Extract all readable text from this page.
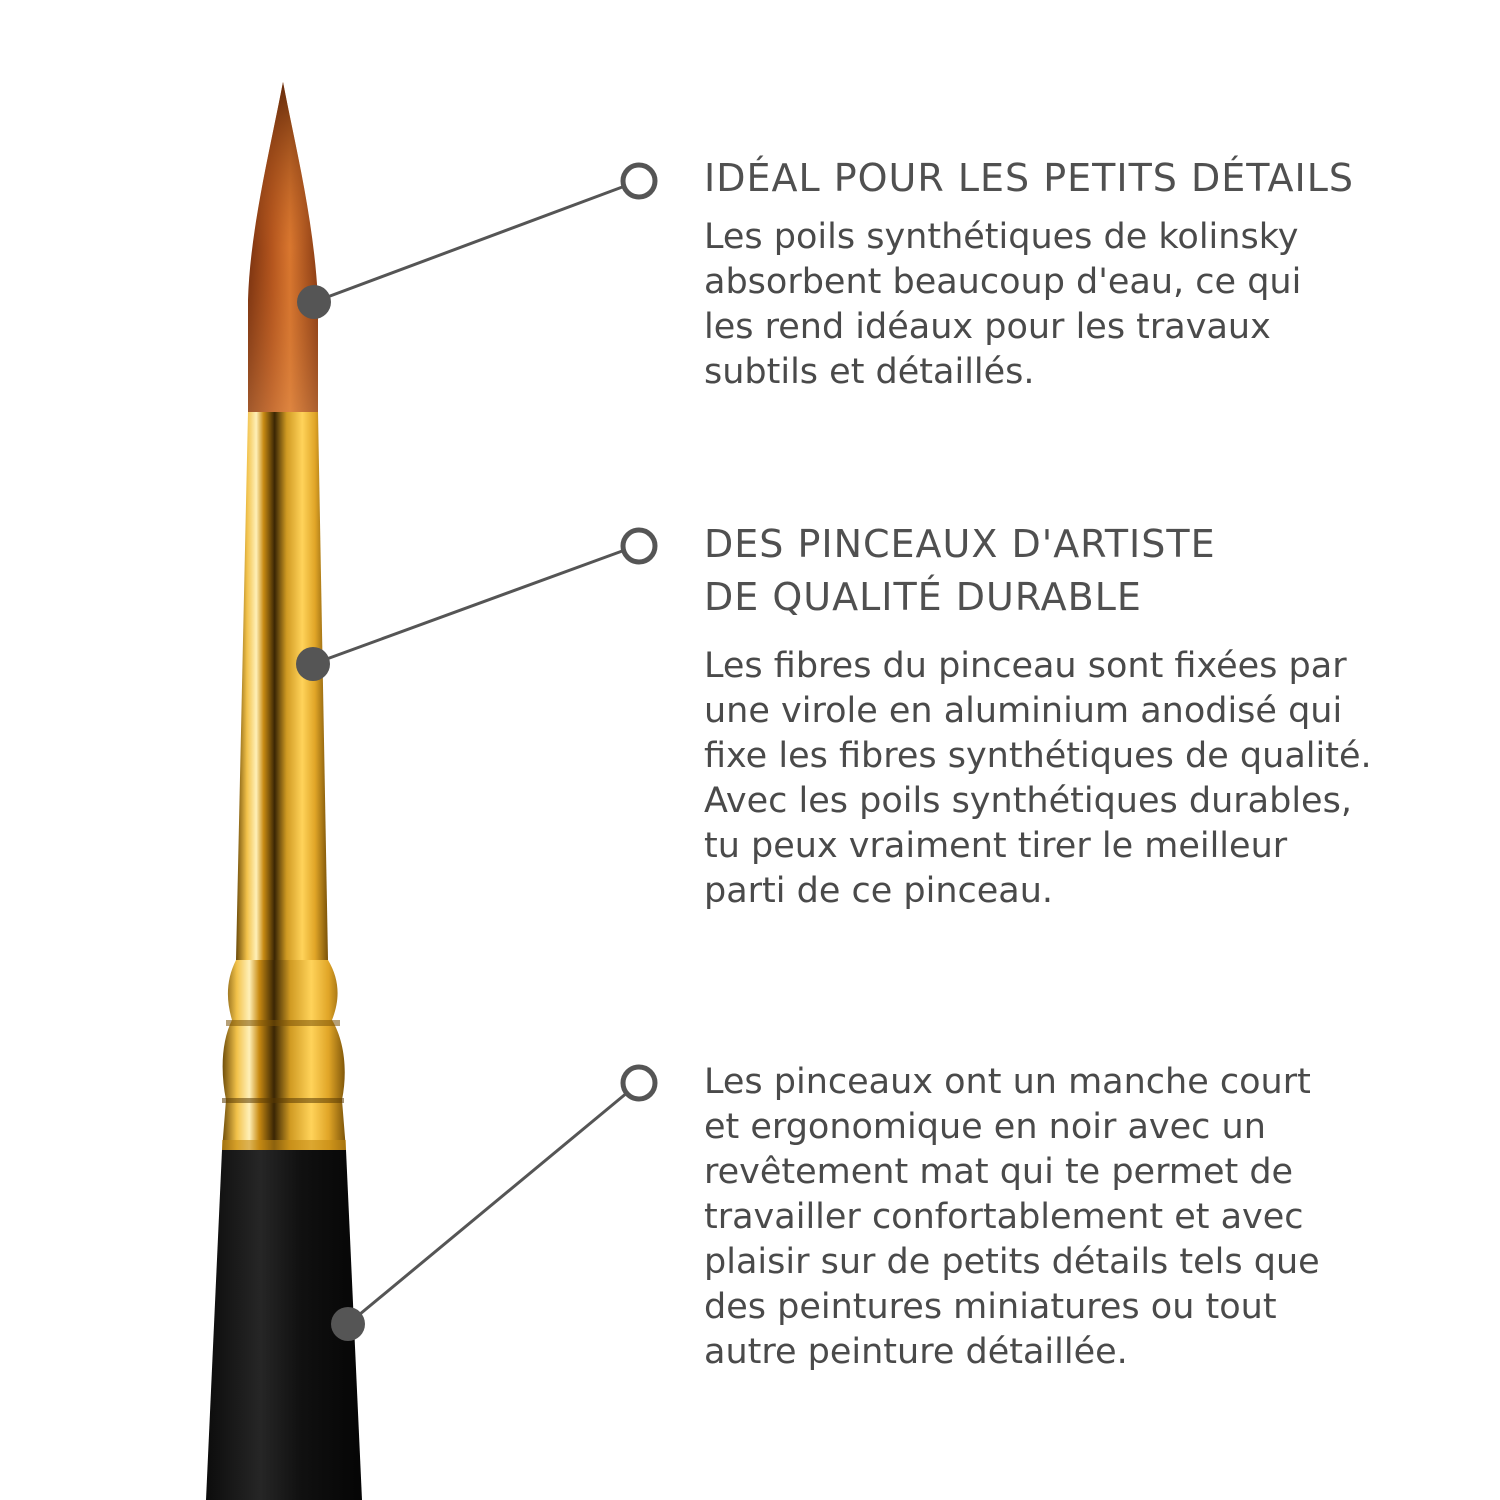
IDÉAL POUR LES PETITS DÉTAILS

Les poils synthétiques de kolinsky
absorbent beaucoup d'eau, ce qui
les rend idéaux pour les travaux
subtils et détaillés.

DES PINCEAUX D'ARTISTE
DE QUALITÉ DURABLE

Les fibres du pinceau sont fixées par
une virole en aluminium anodisé qui
fixe les fibres synthétiques de qualité.
Avec les poils synthétiques durables,
tu peux vraiment tirer le meilleur
parti de ce pinceau.

Les pinceaux ont un manche court
et ergonomique en noir avec un
revêtement mat qui te permet de
travailler confortablement et avec
plaisir sur de petits détails tels que
des peintures miniatures ou tout
autre peinture détaillée.
